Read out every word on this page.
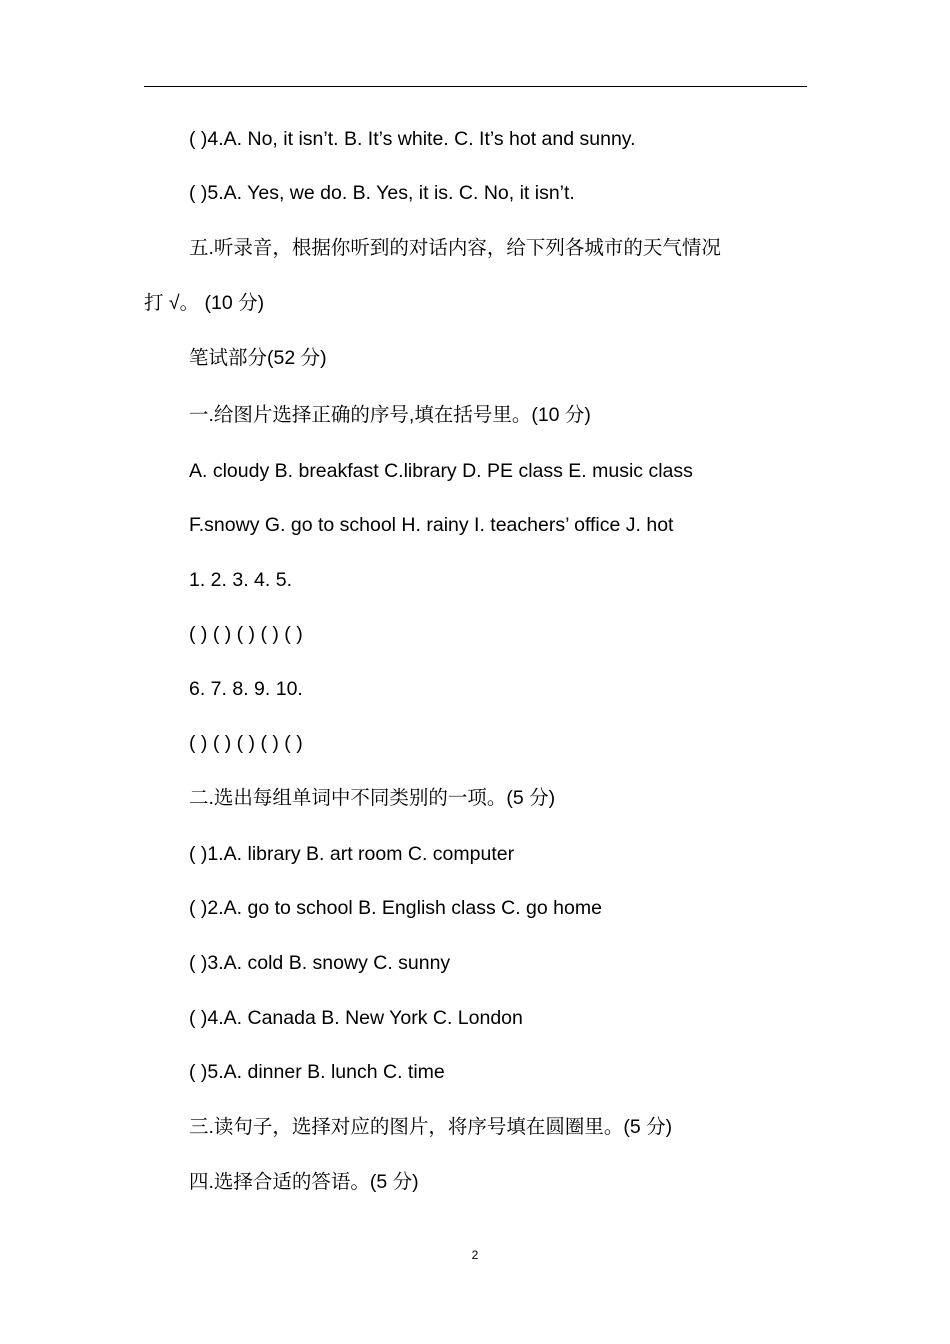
( )4.A. No, it isn’t. B. It’s white. C. It’s hot and sunny.
( )5.A. Yes, we do. B. Yes, it is. C. No, it isn’t.
五.听录音，根据你听到的对话内容，给下列各城市的天气情况
打 √。 (10 分)
笔试部分(52 分)
一.给图片选择正确的序号,填在括号里。(10 分)
A. cloudy B. breakfast C.library D. PE class E. music class
F.snowy G. go to school H. rainy I. teachers’ office J. hot
1. 2. 3. 4. 5.
( ) ( ) ( ) ( ) ( )
6. 7. 8. 9. 10.
( ) ( ) ( ) ( ) ( )
二.选出每组单词中不同类别的一项。(5 分)
( )1.A. library B. art room C. computer
( )2.A. go to school B. English class C. go home
( )3.A. cold B. snowy C. sunny
( )4.A. Canada B. New York C. London
( )5.A. dinner B. lunch C. time
三.读句子，选择对应的图片，将序号填在圆圈里。(5 分)
四.选择合适的答语。(5 分)
2
